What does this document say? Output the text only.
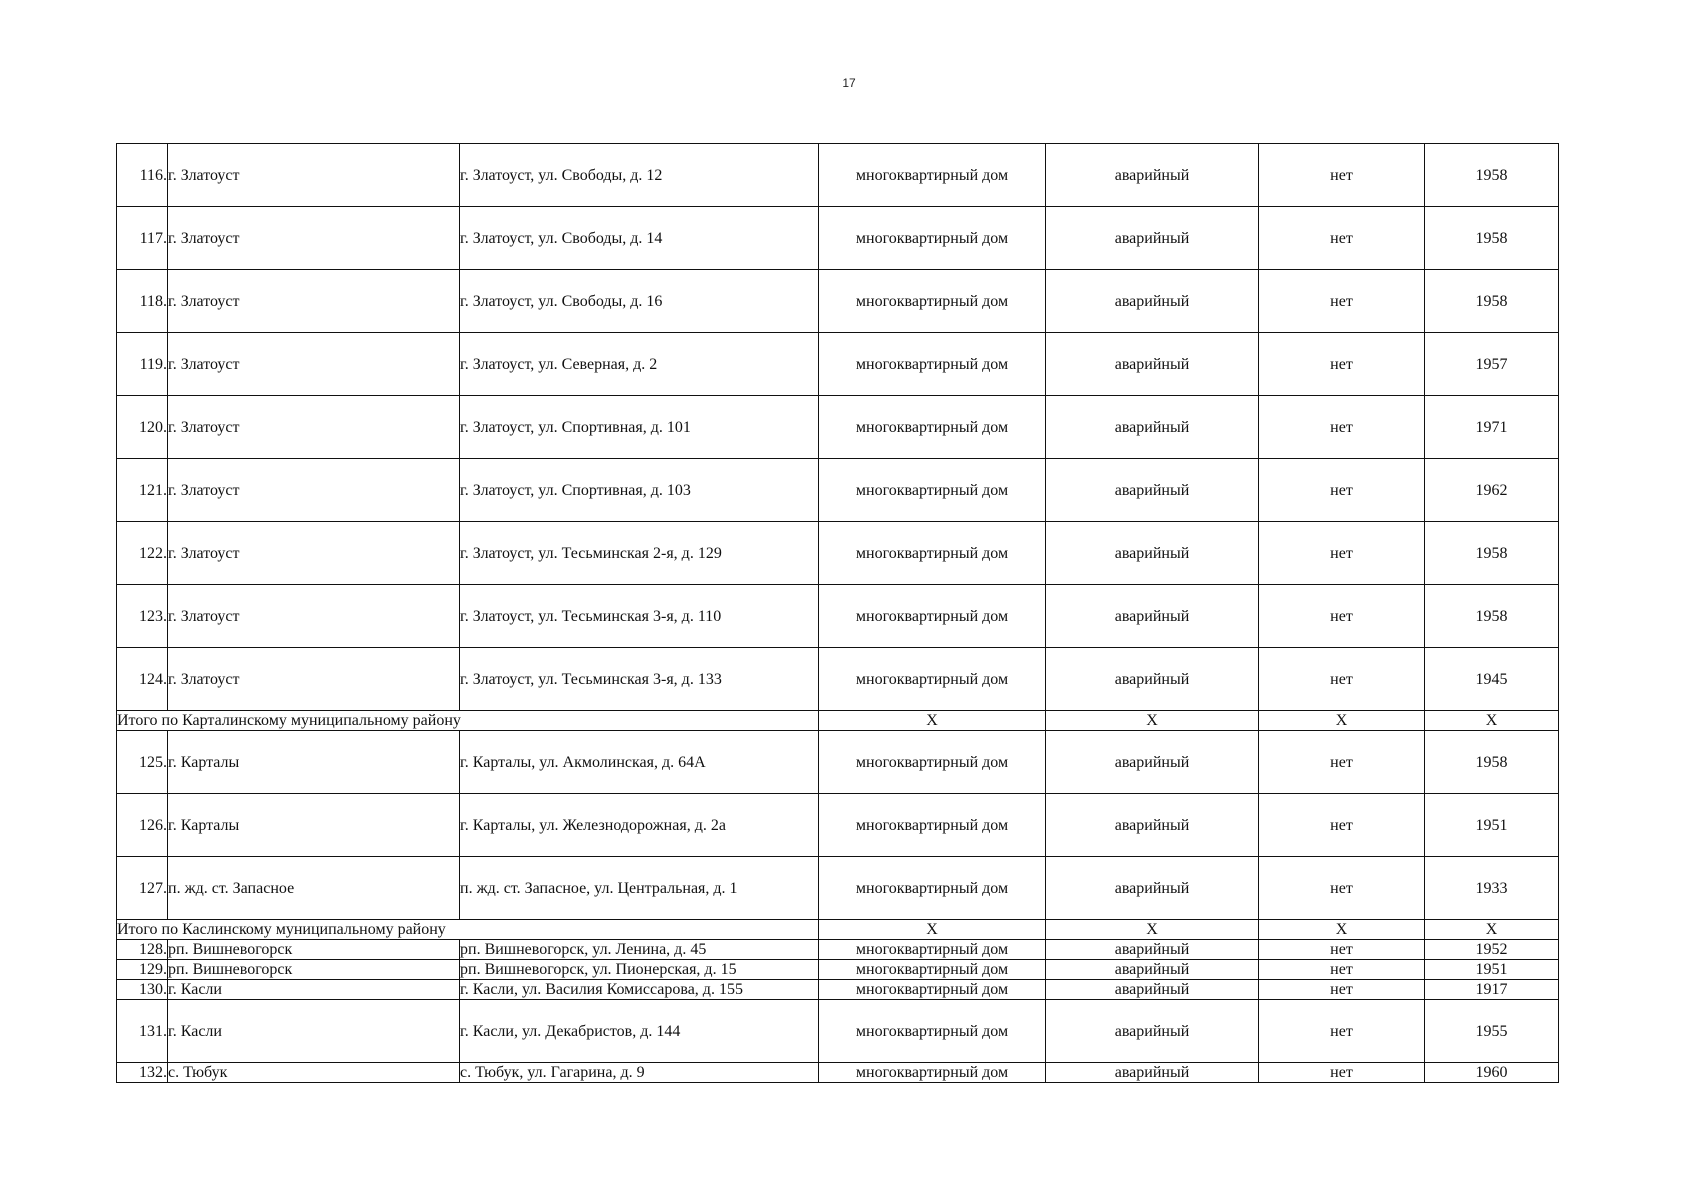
17
116.	г. Златоуст	г. Златоуст, ул. Свободы, д. 12	многоквартирный дом	аварийный	нет	1958
117.	г. Златоуст	г. Златоуст, ул. Свободы, д. 14	многоквартирный дом	аварийный	нет	1958
118.	г. Златоуст	г. Златоуст, ул. Свободы, д. 16	многоквартирный дом	аварийный	нет	1958
119.	г. Златоуст	г. Златоуст, ул. Северная, д. 2	многоквартирный дом	аварийный	нет	1957
120.	г. Златоуст	г. Златоуст, ул. Спортивная, д. 101	многоквартирный дом	аварийный	нет	1971
121.	г. Златоуст	г. Златоуст, ул. Спортивная, д. 103	многоквартирный дом	аварийный	нет	1962
122.	г. Златоуст	г. Златоуст, ул. Тесьминская 2-я, д. 129	многоквартирный дом	аварийный	нет	1958
123.	г. Златоуст	г. Златоуст, ул. Тесьминская 3-я, д. 110	многоквартирный дом	аварийный	нет	1958
124.	г. Златоуст	г. Златоуст, ул. Тесьминская 3-я, д. 133	многоквартирный дом	аварийный	нет	1945
Итого по Карталинскому муниципальному району			Х	Х	Х	Х
125.	г. Карталы	г. Карталы, ул. Акмолинская, д. 64А	многоквартирный дом	аварийный	нет	1958
126.	г. Карталы	г. Карталы, ул. Железнодорожная, д. 2а	многоквартирный дом	аварийный	нет	1951
127.	п. жд. ст. Запасное	п. жд. ст. Запасное, ул. Центральная, д. 1	многоквартирный дом	аварийный	нет	1933
Итого по Каслинскому муниципальному району			Х	Х	Х	Х
128.	рп. Вишневогорск	рп. Вишневогорск, ул. Ленина, д. 45	многоквартирный дом	аварийный	нет	1952
129.	рп. Вишневогорск	рп. Вишневогорск, ул. Пионерская, д. 15	многоквартирный дом	аварийный	нет	1951
130.	г. Касли	г. Касли, ул. Василия Комиссарова, д. 155	многоквартирный дом	аварийный	нет	1917
131.	г. Касли	г. Касли, ул. Декабристов, д. 144	многоквартирный дом	аварийный	нет	1955
132.	с. Тюбук	с. Тюбук, ул. Гагарина, д. 9	многоквартирный дом	аварийный	нет	1960
